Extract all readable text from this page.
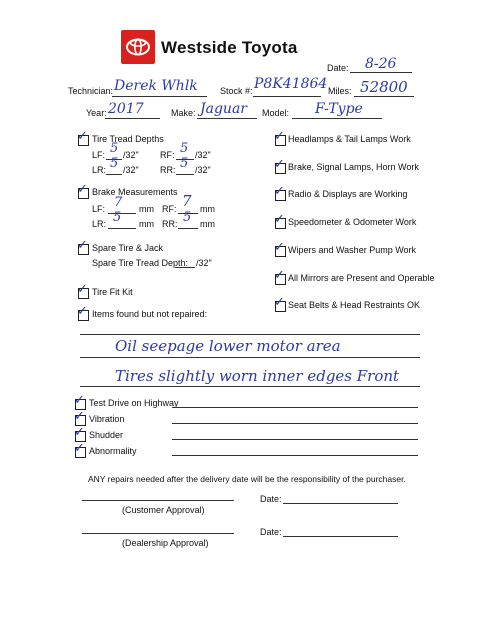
Westside Toyota
Date: 8-26
Technician: Derek Whlk Stock #: P8K41864 Miles: 52800
Year: 2017	Make: Jaguar Model: F-Type
✓ Tire Tread Depths
LF: 5 /32" RF: 5 /32"
LR: 5 /32" RR: 5 /32"
✓ Brake Measurements
LF: 7 mm RF: 7 mm
LR: 5 mm RR: 5 mm
✓ Spare Tire & Jack
Spare Tire Tread Depth: /32"
✓ Tire Fit Kit
✓ Items found but not repaired:
✓ Headlamps & Tail Lamps Work
✓ Brake, Signal Lamps, Horn Work
✓ Radio & Displays are Working
✓ Speedometer & Odometer Work
✓ Wipers and Washer Pump Work
✓ All Mirrors are Present and Operable
✓ Seat Belts & Head Restraints OK
Oil seepage lower motor area
Tires slightly worn inner edges Front
✓ Test Drive on Highway
✓ Vibration
✓ Shudder
✓ Abnormality
ANY repairs needed after the delivery date will be the responsibility of the purchaser.
(Customer Approval)
Date:
(Dealership Approval)
Date:
